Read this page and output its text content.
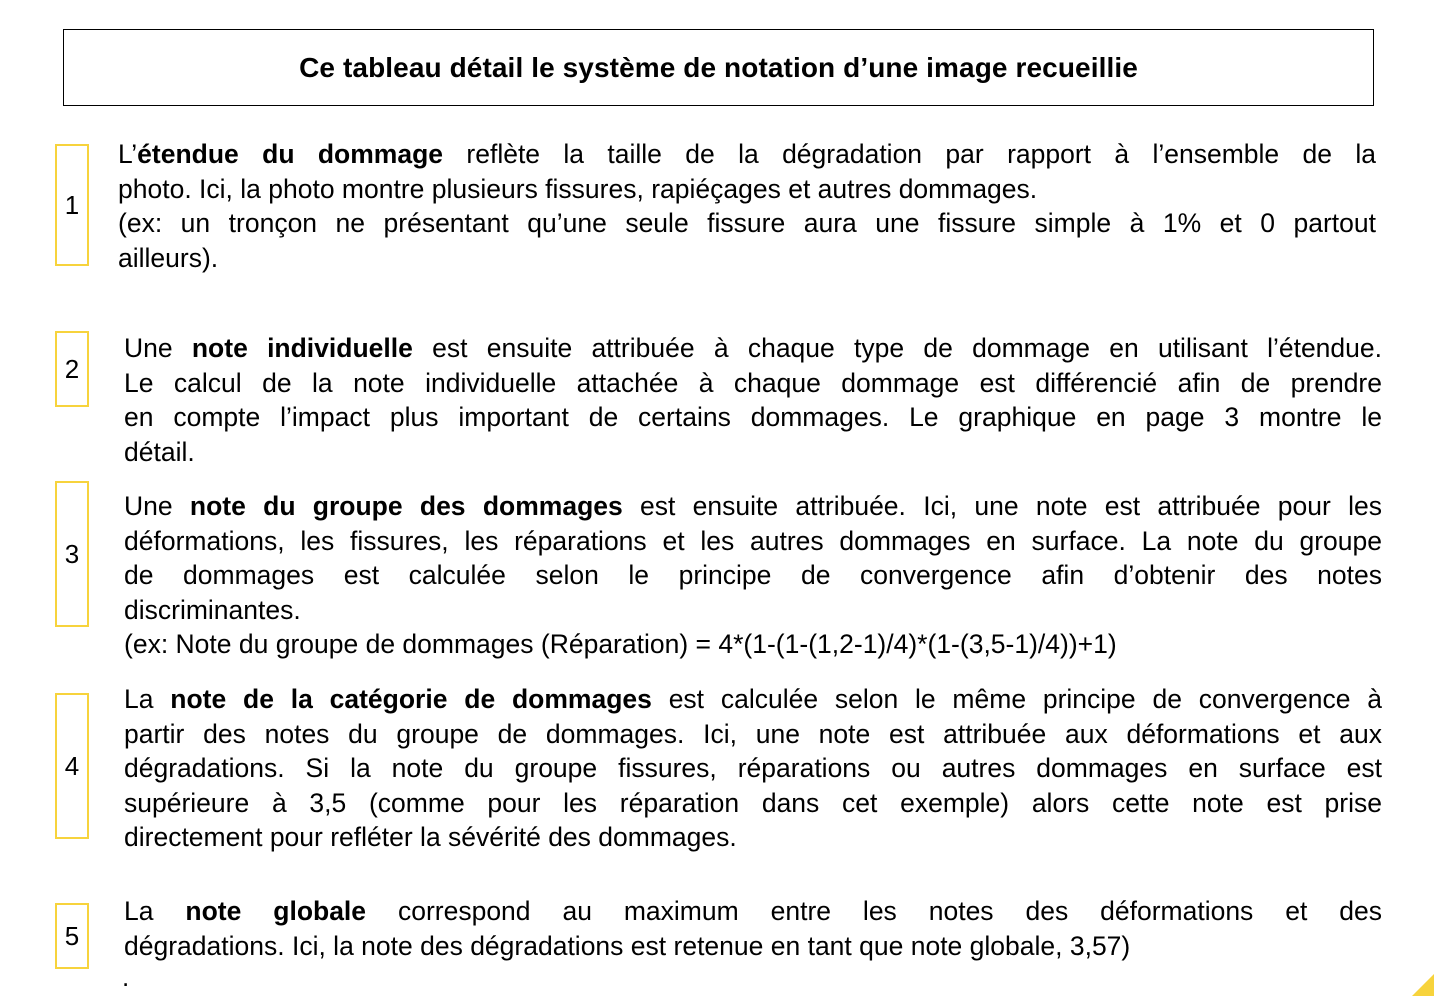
Ce tableau détail le système de notation d’une image recueillie
1
2
3
4
5
L’étendue du dommage reflète la taille de la dégradation par rapport à l’ensemble de la
photo. Ici, la photo montre plusieurs fissures, rapiéçages et autres dommages.
(ex: un tronçon ne présentant qu’une seule fissure aura une fissure simple à 1% et 0 partout
ailleurs).
Une note individuelle est ensuite attribuée à chaque type de dommage en utilisant l’étendue.
Le calcul de la note individuelle attachée à chaque dommage est différencié afin de prendre
en compte l’impact plus important de certains dommages. Le graphique en page 3 montre le
détail.
Une note du groupe des dommages est ensuite attribuée. Ici, une note est attribuée pour les
déformations, les fissures, les réparations et les autres dommages en surface. La note du groupe
de dommages est calculée selon le principe de convergence afin d’obtenir des notes
discriminantes.
(ex: Note du groupe de dommages (Réparation) = 4*(1-(1-(1,2-1)/4)*(1-(3,5-1)/4))+1)
La note de la catégorie de dommages est calculée selon le même principe de convergence à
partir des notes du groupe de dommages. Ici, une note est attribuée aux déformations et aux
dégradations. Si la note du groupe fissures, réparations ou autres dommages en surface est
supérieure à 3,5 (comme pour les réparation dans cet exemple) alors cette note est prise
directement pour refléter la sévérité des dommages.
La note globale correspond au maximum entre les notes des déformations et des
dégradations. Ici, la note des dégradations est retenue en tant que note globale, 3,57)
.
